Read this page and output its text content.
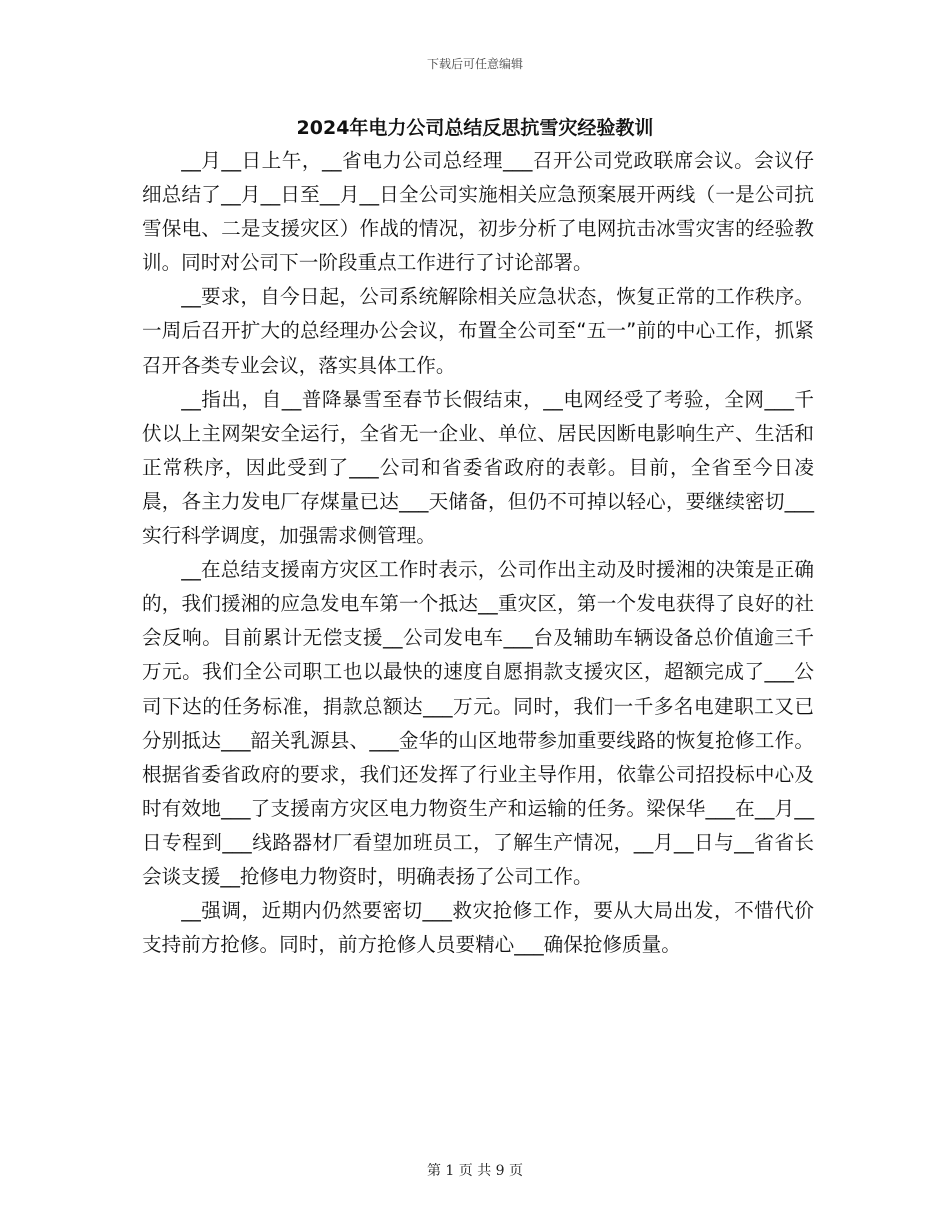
下载后可任意编辑
2024年电力公司总结反思抗雪灾经验教训

__月__日上午，__省电力公司总经理___召开公司党政联席会议。会议仔细总结了__月__日至__月__日全公司实施相关应急预案展开两线（一是公司抗雪保电、二是支援灾区）作战的情况，初步分析了电网抗击冰雪灾害的经验教训。同时对公司下一阶段重点工作进行了讨论部署。

__要求，自今日起，公司系统解除相关应急状态，恢复正常的工作秩序。一周后召开扩大的总经理办公会议，布置全公司至“五一”前的中心工作，抓紧召开各类专业会议，落实具体工作。

__指出，自__普降暴雪至春节长假结束，__电网经受了考验，全网___千伏以上主网架安全运行，全省无一企业、单位、居民因断电影响生产、生活和正常秩序，因此受到了___公司和省委省政府的表彰。目前，全省至今日凌晨，各主力发电厂存煤量已达___天储备，但仍不可掉以轻心，要继续密切___实行科学调度，加强需求侧管理。

__在总结支援南方灾区工作时表示，公司作出主动及时援湘的决策是正确的，我们援湘的应急发电车第一个抵达__重灾区，第一个发电获得了良好的社会反响。目前累计无偿支援__公司发电车___台及辅助车辆设备总价值逾三千万元。我们全公司职工也以最快的速度自愿捐款支援灾区，超额完成了___公司下达的任务标准，捐款总额达___万元。同时，我们一千多名电建职工又已分别抵达___韶关乳源县、___金华的山区地带参加重要线路的恢复抢修工作。根据省委省政府的要求，我们还发挥了行业主导作用，依靠公司招投标中心及时有效地___了支援南方灾区电力物资生产和运输的任务。梁保华___在__月__日专程到___线路器材厂看望加班员工，了解生产情况，__月__日与__省省长会谈支援__抢修电力物资时，明确表扬了公司工作。

__强调，近期内仍然要密切___救灾抢修工作，要从大局出发，不惜代价支持前方抢修。同时，前方抢修人员要精心___确保抢修质量。

第 1 页 共 9 页
